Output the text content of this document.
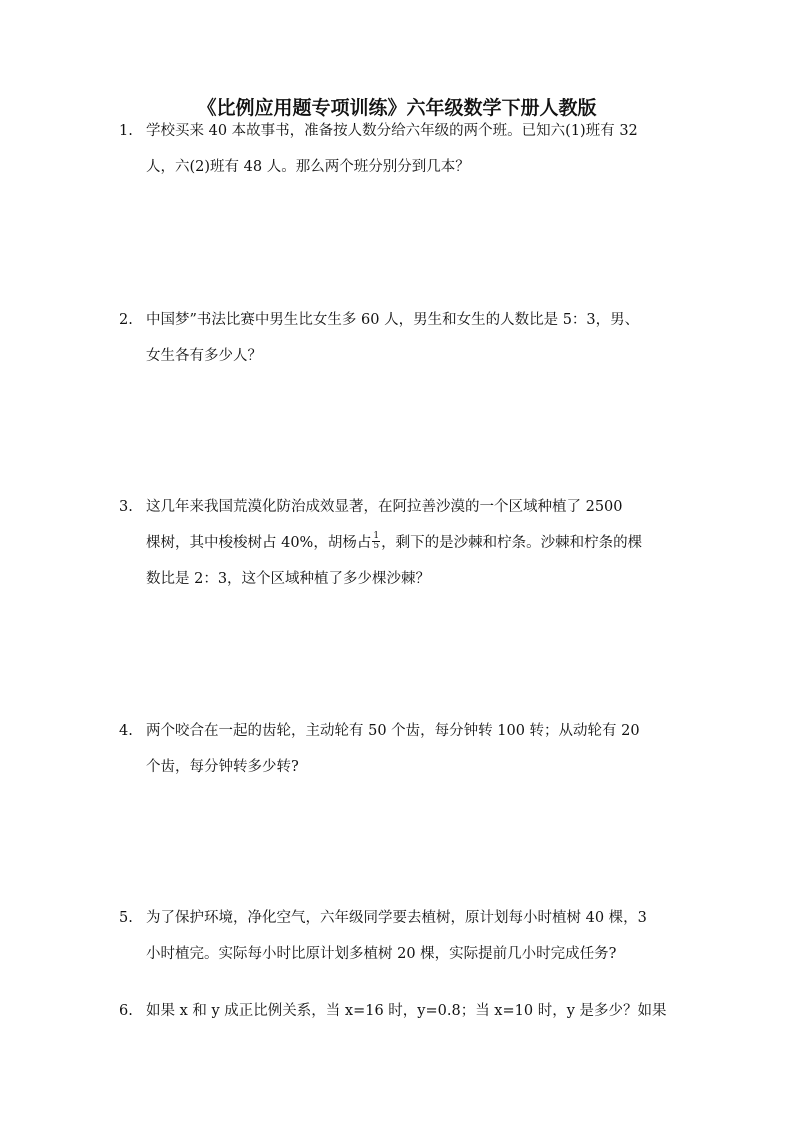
《比例应用题专项训练》六年级数学下册人教版
1. 学校买来 40 本故事书，准备按人数分给六年级的两个班。已知六(1)班有 32
人，六(2)班有 48 人。那么两个班分别分到几本？
2. 中国梦”书法比赛中男生比女生多 60 人，男生和女生的人数比是 5：3，男、
女生各有多少人？
3. 这几年来我国荒漠化防治成效显著，在阿拉善沙漠的一个区域种植了 2500
棵树，其中梭梭树占 40%，胡杨占 $\frac{1}{5}$ ，剩下的是沙棘和柠条。沙棘和柠条的棵
数比是 2：3，这个区域种植了多少棵沙棘？
4. 两个咬合在一起的齿轮，主动轮有 50 个齿，每分钟转 100 转；从动轮有 20
个齿，每分钟转多少转?
5. 为了保护环境，净化空气，六年级同学要去植树，原计划每小时植树 40 棵，3
小时植完。实际每小时比原计划多植树 20 棵，实际提前几小时完成任务?
6. 如果 x 和 y 成正比例关系，当 x=16 时，y=0.8；当 x=10 时，y 是多少？如果
